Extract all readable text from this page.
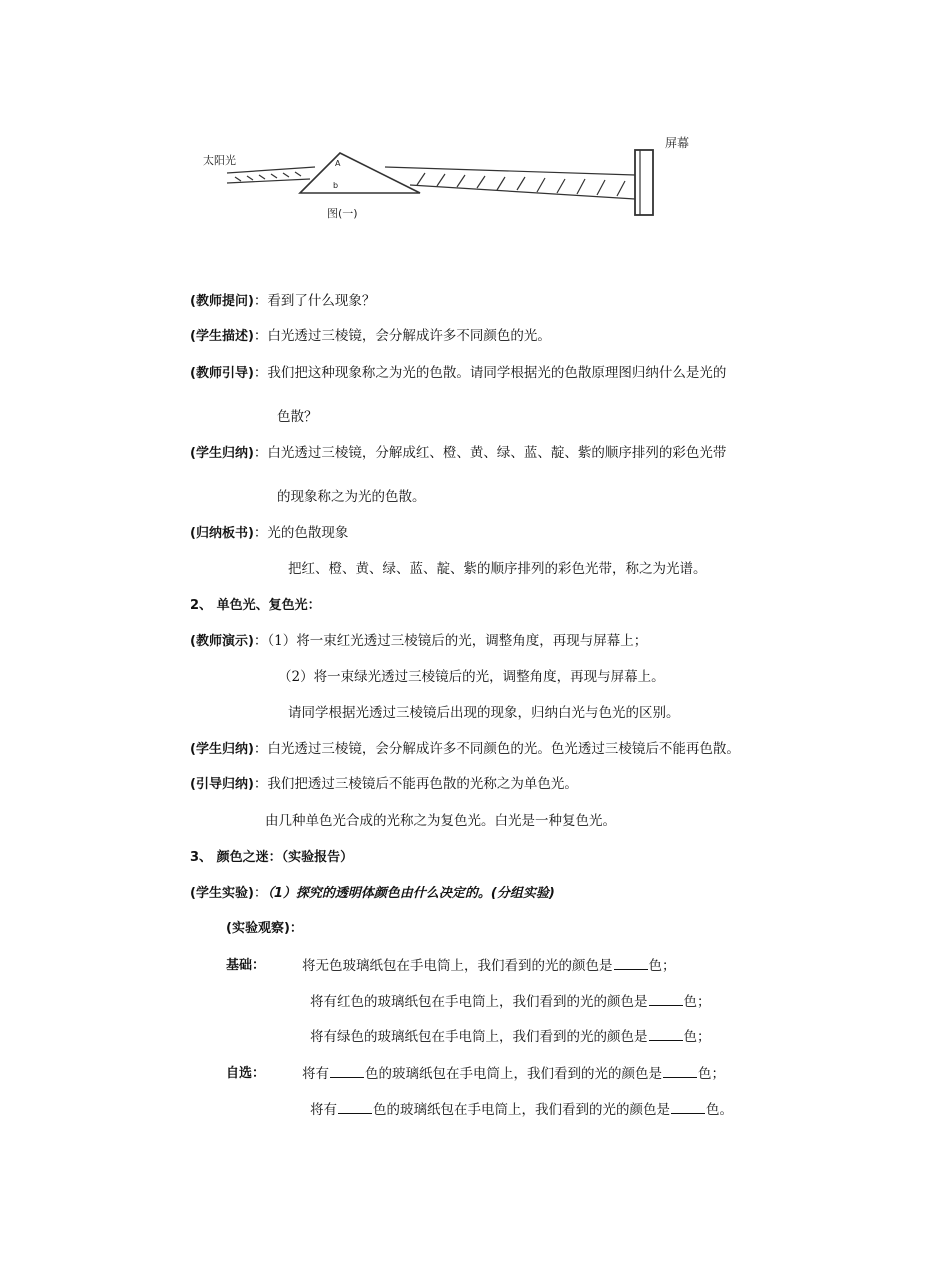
太阳光	A
b
图(一)
屏幕
(教师提问)：看到了什么现象？
(学生描述)：白光透过三棱镜，会分解成许多不同颜色的光。
(教师引导)：我们把这种现象称之为光的色散。请同学根据光的色散原理图归纳什么是光的
色散？
(学生归纳)：白光透过三棱镜，分解成红、橙、黄、绿、蓝、靛、紫的顺序排列的彩色光带
的现象称之为光的色散。
(归纳板书)：光的色散现象
把红、橙、黄、绿、蓝、靛、紫的顺序排列的彩色光带，称之为光谱。
2、 单色光、复色光：
(教师演示)：（1）将一束红光透过三棱镜后的光，调整角度，再现与屏幕上；
（2）将一束绿光透过三棱镜后的光，调整角度，再现与屏幕上。
请同学根据光透过三棱镜后出现的现象，归纳白光与色光的区别。
(学生归纳)：白光透过三棱镜，会分解成许多不同颜色的光。色光透过三棱镜后不能再色散。
(引导归纳)：我们把透过三棱镜后不能再色散的光称之为单色光。
由几种单色光合成的光称之为复色光。白光是一种复色光。
3、 颜色之迷：（实验报告）
(学生实验)：（1）探究的透明体颜色由什么决定的。(分组实验)
(实验观察)：
基础：	将无色玻璃纸包在手电筒上，我们看到的光的颜色是	色；
将有红色的玻璃纸包在手电筒上，我们看到的光的颜色是	色；
将有绿色的玻璃纸包在手电筒上，我们看到的光的颜色是	色；
自选：	将有	色的玻璃纸包在手电筒上，我们看到的光的颜色是	色；
将有	色的玻璃纸包在手电筒上，我们看到的光的颜色是	色。
